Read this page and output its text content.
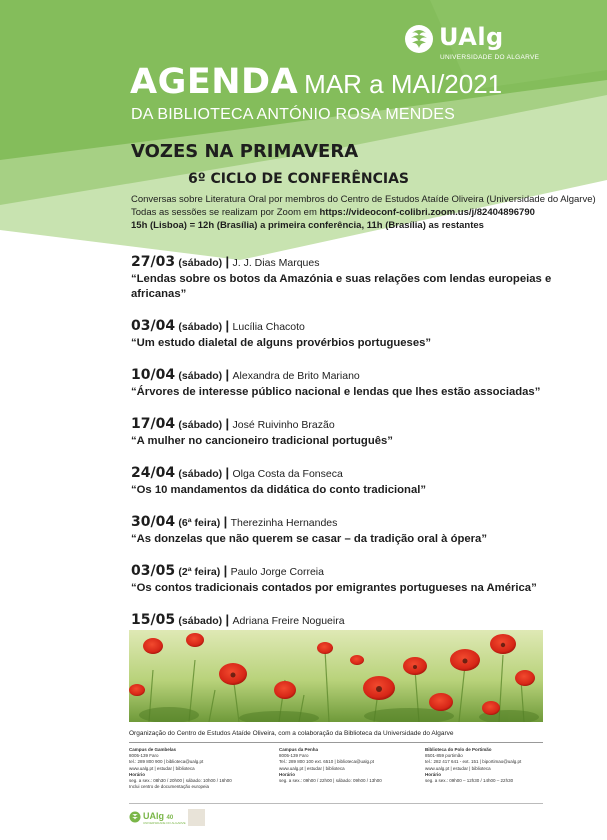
UAlg
UNIVERSIDADE DO ALGARVE
AGENDA MAR a MAI/2021
DA BIBLIOTECA ANTÓNIO ROSA MENDES
VOZES NA PRIMAVERA
6º CICLO DE CONFERÊNCIAS
Conversas sobre Literatura Oral por membros do Centro de Estudos Ataíde Oliveira (Universidade do Algarve)
Todas as sessões se realizam por Zoom em https://videoconf-colibri.zoom.us/j/82404896790
15h (Lisboa) = 12h (Brasília) a primeira conferência, 11h (Brasília) as restantes
27/03 (sábado) | J. J. Dias Marques
“Lendas sobre os botos da Amazónia e suas relações com lendas europeias e africanas”
03/04 (sábado) | Lucília Chacoto
“Um estudo dialetal de alguns provérbios portugueses”
10/04 (sábado) | Alexandra de Brito Mariano
“Árvores de interesse público nacional e lendas que lhes estão associadas”
17/04 (sábado) | José Ruivinho Brazão
“A mulher no cancioneiro tradicional português”
24/04 (sábado) | Olga Costa da Fonseca
“Os 10 mandamentos da didática do conto tradicional”
30/04 (6ª feira) | Therezinha Hernandes
“As donzelas que não querem se casar – da tradição oral à ópera”
03/05 (2ª feira) | Paulo Jorge Correia
“Os contos tradicionais contados por emigrantes portugueses na América”
15/05 (sábado) | Adriana Freire Nogueira
Organização do Centro de Estudos Ataíde Oliveira, com a colaboração da Biblioteca da Universidade do Algarve
Campus de Gambelas
8005-139 Faro
tel.: 289 800 900 | biblioteca@ualg.pt
www.ualg.pt | estudar | biblioteca
Horário
seg. a sex.: 08h30 / 20h00 | sábado: 10h00 / 16h00
Inclui centro de documentação europeia
Campus da Penha
8005-139 Faro
Tel.: 289 800 100 ext. 6510 | biblioteca@ualg.pt
www.ualg.pt | estudar | biblioteca
Horário
seg. a sex.: 09h00 / 22h00 | sábado: 09h00 / 13h00
Biblioteca do Polo de Portimão
8501-859 portimão
tel.: 282 417 641 - ext. 151 | biportimao@ualg.pt
www.ualg.pt | estudar | biblioteca
Horário
seg. a sex.: 09h00 – 12h30 / 14h00 – 22h30
UAlg 40
UNIVERSIDADE DO ALGARVE
